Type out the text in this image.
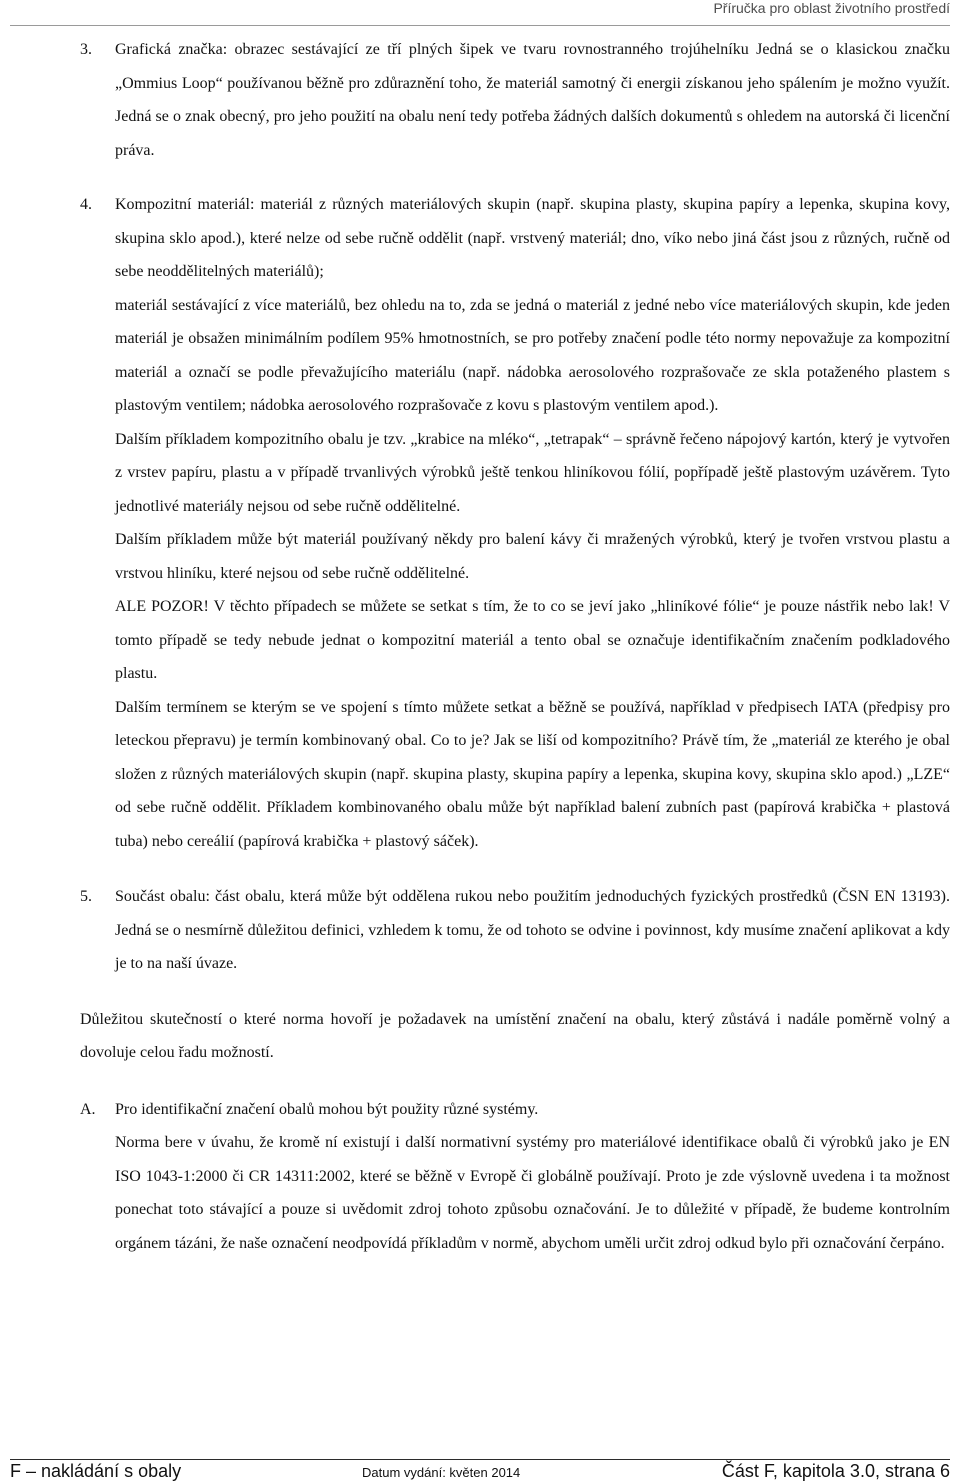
Příručka pro oblast životního prostředí
3. Grafická značka: obrazec sestávající ze tří plných šipek ve tvaru rovnostranného trojúhelníku Jedná se o klasickou značku „Ommius Loop“ používanou běžně pro zdůraznění toho, že materiál samotný či energii získanou jeho spálením je možno využít. Jedná se o znak obecný, pro jeho použití na obalu není tedy potřeba žádných dalších dokumentů s ohledem na autorská či licenční práva.

4. Kompozitní materiál: materiál z různých materiálových skupin (např. skupina plasty, skupina papíry a lepenka, skupina kovy, skupina sklo apod.), které nelze od sebe ručně oddělit (např. vrstvený materiál; dno, víko nebo jiná část jsou z různých, ručně od sebe neoddělitelných materiálů);

materiál sestávající z více materiálů, bez ohledu na to, zda se jedná o materiál z jedné nebo více materiálových skupin, kde jeden materiál je obsažen minimálním podílem 95% hmotnostních, se pro potřeby značení podle této normy nepovažuje za kompozitní materiál a označí se podle převažujícího materiálu (např. nádobka aerosolového rozprašovače ze skla potaženého plastem s plastovým ventilem; nádobka aerosolového rozprašovače z kovu s plastovým ventilem apod.).

Dalším příkladem kompozitního obalu je tzv. „krabice na mléko“, „tetrapak“ – správně řečeno nápojový kartón, který je vytvořen z vrstev papíru, plastu a v případě trvanlivých výrobků ještě tenkou hliníkovou fólií, popřípadě ještě plastovým uzávěrem. Tyto jednotlivé materiály nejsou od sebe ručně oddělitelné.

Dalším příkladem může být materiál používaný někdy pro balení kávy či mražených výrobků, který je tvořen vrstvou plastu a vrstvou hliníku, které nejsou od sebe ručně oddělitelné.

ALE POZOR! V těchto případech se můžete se setkat s tím, že to co se jeví jako „hliníkové fólie“ je pouze nástřik nebo lak! V tomto případě se tedy nebude jednat o kompozitní materiál a tento obal se označuje identifikačním značením podkladového plastu.

Dalším termínem se kterým se ve spojení s tímto můžete setkat a běžně se používá, například v předpisech IATA (předpisy pro leteckou přepravu) je termín kombinovaný obal. Co to je? Jak se liší od kompozitního? Právě tím, že „materiál ze kterého je obal složen z různých materiálových skupin (např. skupina plasty, skupina papíry a lepenka, skupina kovy, skupina sklo apod.) „LZE“ od sebe ručně oddělit. Příkladem kombinovaného obalu může být například balení zubních past (papírová krabička + plastová tuba) nebo cereálií (papírová krabička + plastový sáček).

5. Součást obalu: část obalu, která může být oddělena rukou nebo použitím jednoduchých fyzických prostředků (ČSN EN 13193). Jedná se o nesmírně důležitou definici, vzhledem k tomu, že od tohoto se odvine i povinnost, kdy musíme značení aplikovat a kdy je to na naší úvaze.

Důležitou skutečností o které norma hovoří je požadavek na umístění značení na obalu, který zůstává i nadále poměrně volný a dovoluje celou řadu možností.

A. Pro identifikační značení obalů mohou být použity různé systémy.

Norma bere v úvahu, že kromě ní existují i další normativní systémy pro materiálové identifikace obalů či výrobků jako je EN ISO 1043-1:2000 či CR 14311:2002, které se běžně v Evropě či globálně používají. Proto je zde výslovně uvedena i ta možnost ponechat toto stávající a pouze si uvědomit zdroj tohoto způsobu označování. Je to důležité v případě, že budeme kontrolním orgánem tázáni, že naše označení neodpovídá příkladům v normě, abychom uměli určit zdroj odkud bylo při označování čerpáno.

F – nakládání s obaly	Datum vydání: květen 2014	Část F, kapitola 3.0, strana 6
